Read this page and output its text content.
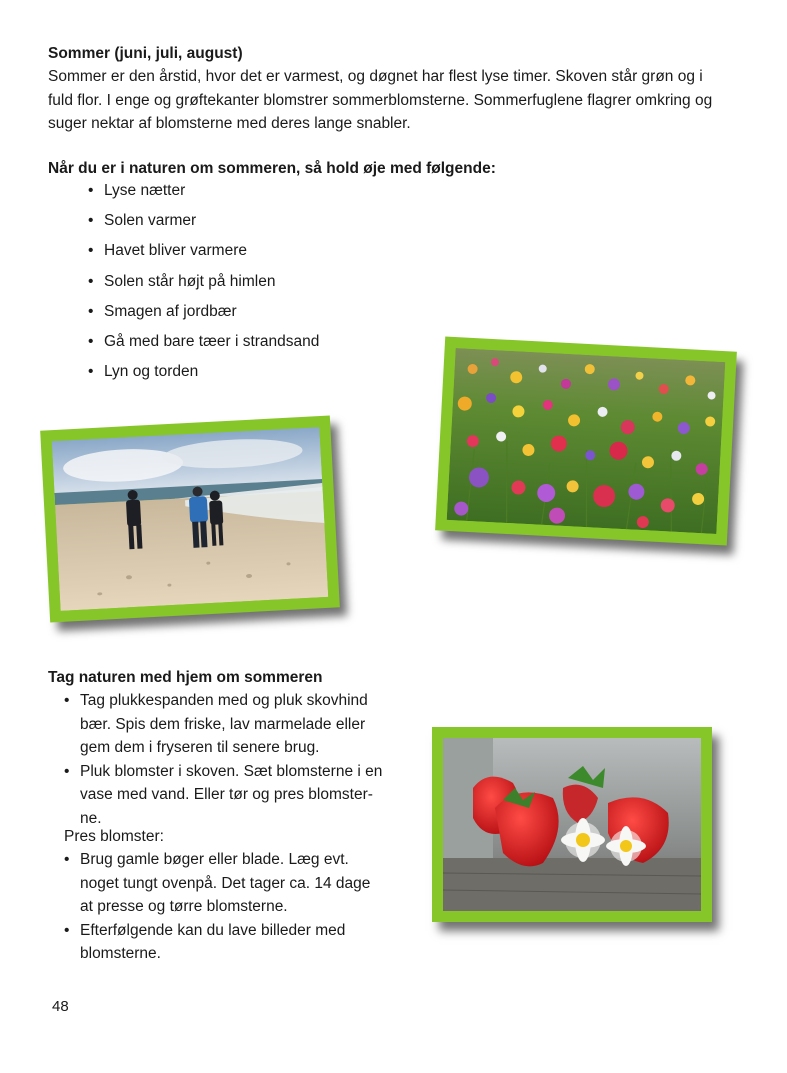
Sommer (juni, juli, august)
Sommer er den årstid, hvor det er varmest, og døgnet har flest lyse timer. Skoven står grøn og i
fuld flor. I enge og grøftekanter blomstrer sommerblomsterne. Sommerfuglene flagrer omkring og
suger nektar af blomsterne med deres lange snabler.
Når du er i naturen om sommeren, så hold øje med følgende:
• Lyse nætter
• Solen varmer
• Havet bliver varmere
• Solen står højt på himlen
• Smagen af jordbær
• Gå med bare tæer i strandsand
• Lyn og torden
Tag naturen med hjem om sommeren
• Tag plukkespanden med og pluk skovhind
bær. Spis dem friske, lav marmelade eller
gem dem i fryseren til senere brug.
• Pluk blomster i skoven. Sæt blomsterne i en
vase med vand. Eller tør og pres blomster-
ne.
Pres blomster:
• Brug gamle bøger eller blade. Læg evt.
noget tungt ovenpå. Det tager ca. 14 dage
at presse og tørre blomsterne.
• Efterfølgende kan du lave billeder med
blomsterne.
48
